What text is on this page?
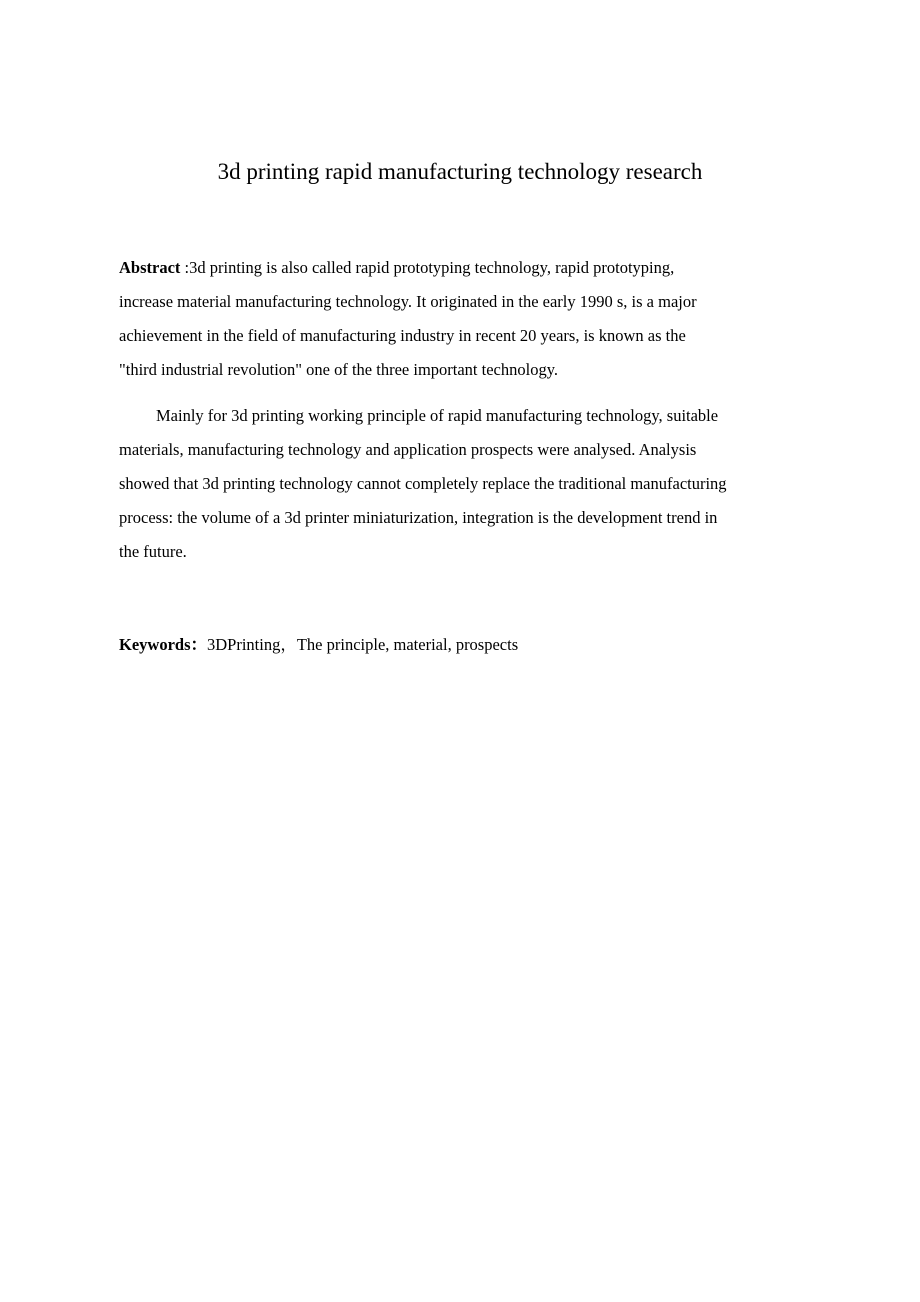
3d printing rapid manufacturing technology research
Abstract :3d printing is also called rapid prototyping technology, rapid prototyping,
increase material manufacturing technology. It originated in the early 1990 s, is a major
achievement in the field of manufacturing industry in recent 20 years, is known as the
"third industrial revolution" one of the three important technology.
Mainly for 3d printing working principle of rapid manufacturing technology, suitable
materials, manufacturing technology and application prospects were analysed. Analysis
showed that 3d printing technology cannot completely replace the traditional manufacturing
process: the volume of a 3d printer miniaturization, integration is the development trend in
the future.
Keywords：3DPrinting，The principle, material, prospects
